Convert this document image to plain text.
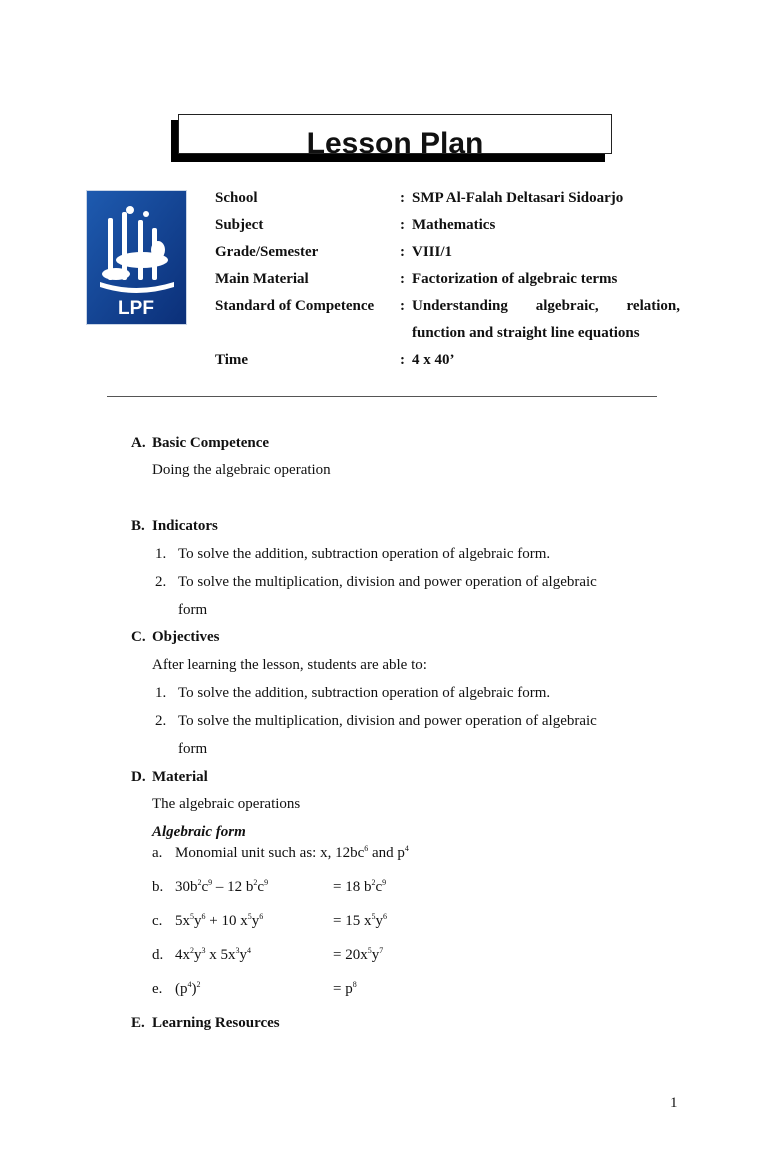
Lesson Plan
LPF
School	: SMP Al-Falah Deltasari Sidoarjo
Subject	: Mathematics
Grade/Semester	: VIII/1
Main Material	: Factorization of algebraic terms
Standard of Competence : Understanding algebraic, relation,
function and straight line equations
Time	: 4 x 40’
A. Basic Competence
Doing the algebraic operation
B. Indicators
1. To solve the addition, subtraction operation of algebraic form.
2. To solve the multiplication, division and power operation of algebraic
form
C. Objectives
After learning the lesson, students are able to:
1. To solve the addition, subtraction operation of algebraic form.
2. To solve the multiplication, division and power operation of algebraic
form
D. Material
The algebraic operations
Algebraic form
a. Monomial unit such as: x, $12bc^6$ and $p^4$
b. $30b^2c^9 - 12$ $b^2c^9$	= 18 $b^2c^9$
c. $5x^5y^6 + 10$ $x^5y^6$	= 15 $x^5y^6$
d. $4x^2y^3$ x $5x^3y^4$	= $20x^5y^7$
e. $(p^4)^2$	= $p^8$
E. Learning Resources
1
